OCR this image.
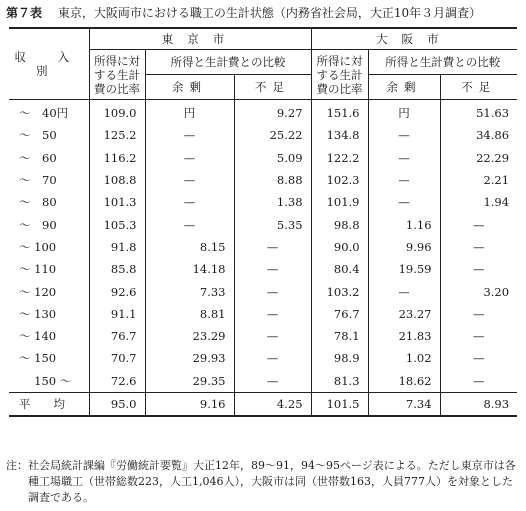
第７表 東京，大阪両市における職工の生計状態（内務省社会局，大正10年３月調査）
収 入 別	東京市			大阪市		
	所得に対する生計費の比率	所得と生計費との比較		所得に対する生計費の比率	所得と生計費との比較	
		余剰	不足		余剰	不足
〜　40円	109.0	円	9.27	151.6	円	51.63
〜　50	125.2	—	25.22	134.8	—	34.86
〜　60	116.2	—	5.09	122.2	—	22.29
〜　70	108.8	—	8.88	102.3	—	2.21
〜　80	101.3	—	1.38	101.9	—	1.94
〜　90	105.3	—	5.35	98.8	1.16	—
〜 100	91.8	8.15	—	90.0	9.96	—
〜 110	85.8	14.18	—	80.4	19.59	—
〜 120	92.6	7.33	—	103.2	—	3.20
〜 130	91.1	8.81	—	76.7	23.27	—
〜 140	76.7	23.29	—	78.1	21.83	—
〜 150	70.7	29.93	—	98.9	1.02	—
　 150 〜	72.6	29.35	—	81.3	18.62	—
平　　均	95.0	9.16	4.25	101.5	7.34	8.93
注： 社会局統計課編『労働統計要覧』大正12年，89〜91，94〜95ページ表による。ただし東京市は各種工場職工（世帯総数223，人工1,046人），大阪市は同（世帯数163，人員777人）を対象とした調査である。
